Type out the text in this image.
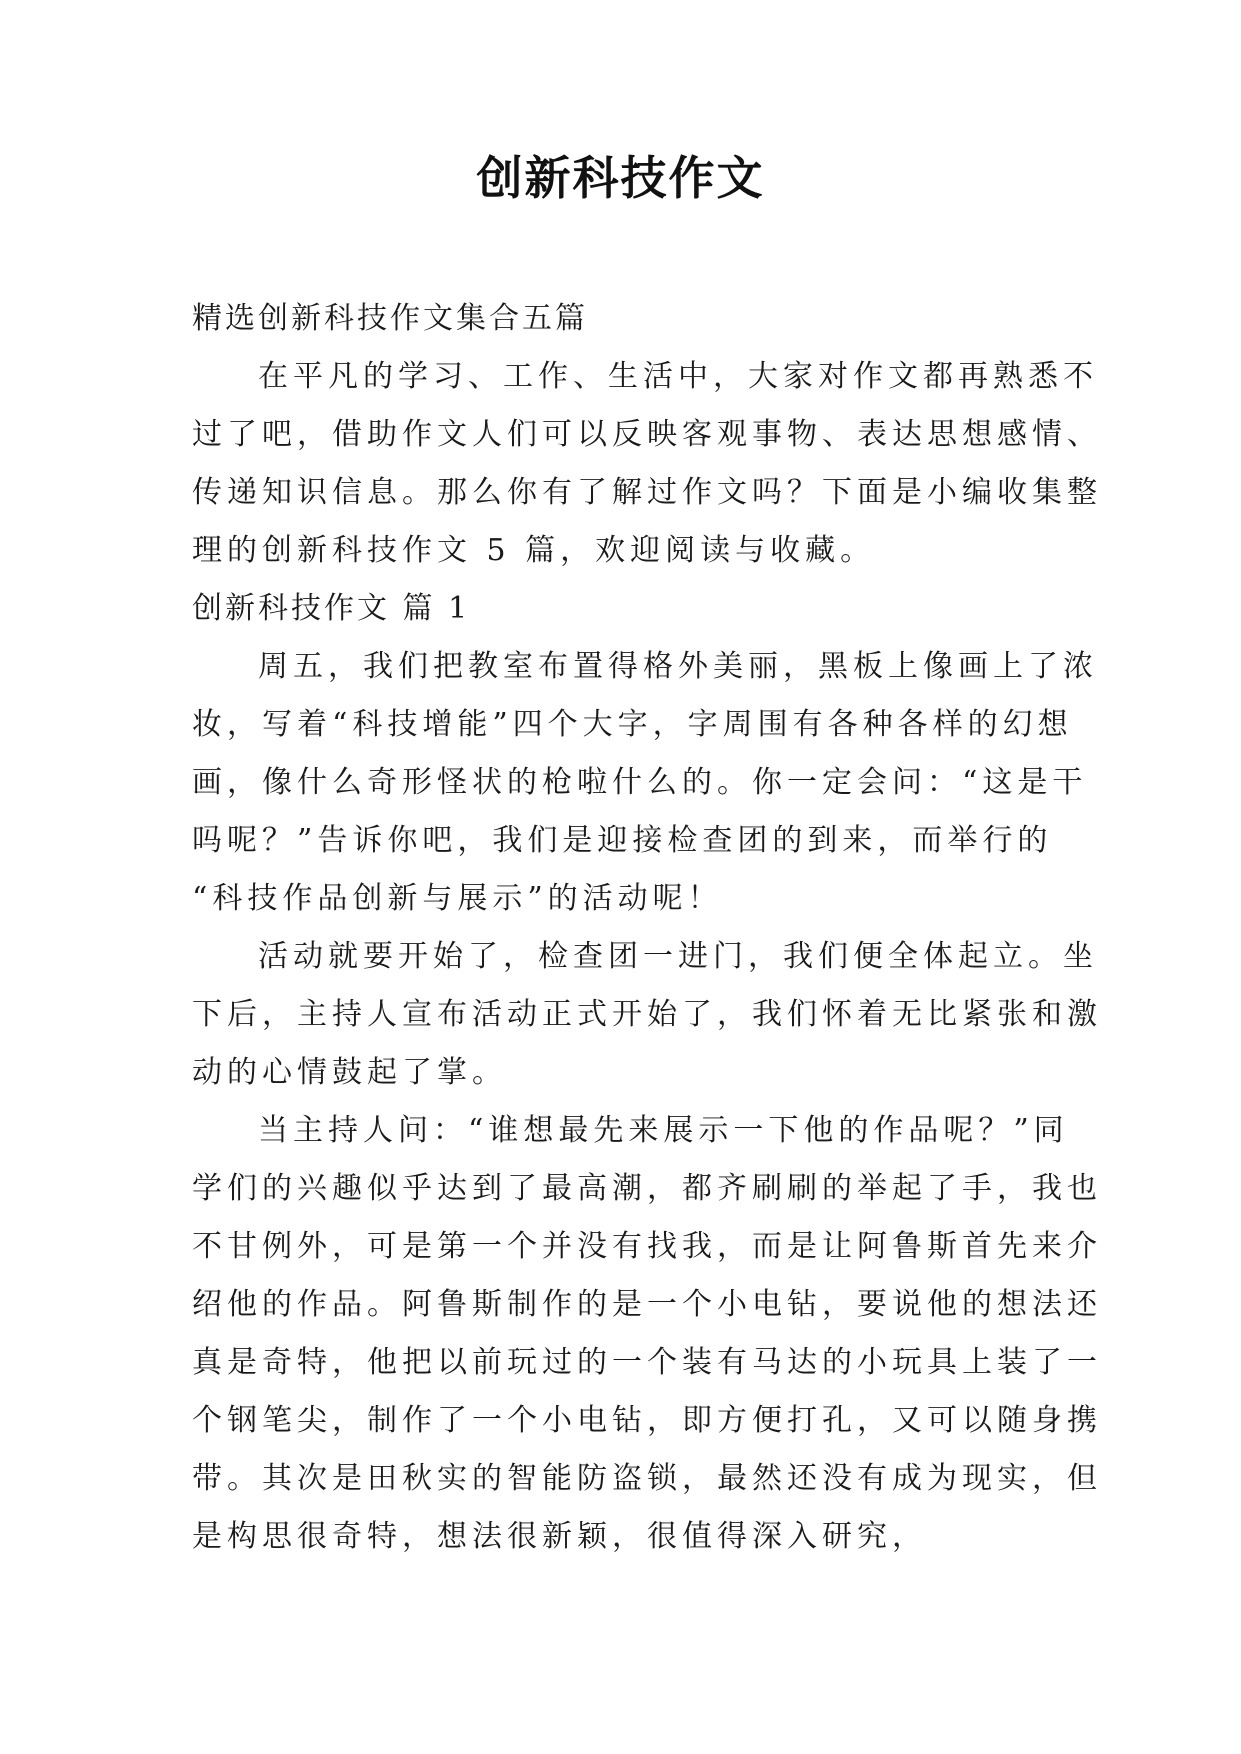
创新科技作文
精选创新科技作文集合五篇
在平凡的学习、工作、生活中，大家对作文都再熟悉不
过了吧，借助作文人们可以反映客观事物、表达思想感情、
传递知识信息。那么你有了解过作文吗？下面是小编收集整
理的创新科技作文 5 篇，欢迎阅读与收藏。
创新科技作文 篇 1
周五，我们把教室布置得格外美丽，黑板上像画上了浓
妆，写着“科技增能”四个大字，字周围有各种各样的幻想
画，像什么奇形怪状的枪啦什么的。你一定会问：“这是干
吗呢？”告诉你吧，我们是迎接检查团的到来，而举行的
“科技作品创新与展示”的活动呢！
活动就要开始了，检查团一进门，我们便全体起立。坐
下后，主持人宣布活动正式开始了，我们怀着无比紧张和激
动的心情鼓起了掌。
当主持人问：“谁想最先来展示一下他的作品呢？”同
学们的兴趣似乎达到了最高潮，都齐刷刷的举起了手，我也
不甘例外，可是第一个并没有找我，而是让阿鲁斯首先来介
绍他的作品。阿鲁斯制作的是一个小电钻，要说他的想法还
真是奇特，他把以前玩过的一个装有马达的小玩具上装了一
个钢笔尖，制作了一个小电钻，即方便打孔，又可以随身携
带。其次是田秋实的智能防盗锁，最然还没有成为现实，但
是构思很奇特，想法很新颖，很值得深入研究，
